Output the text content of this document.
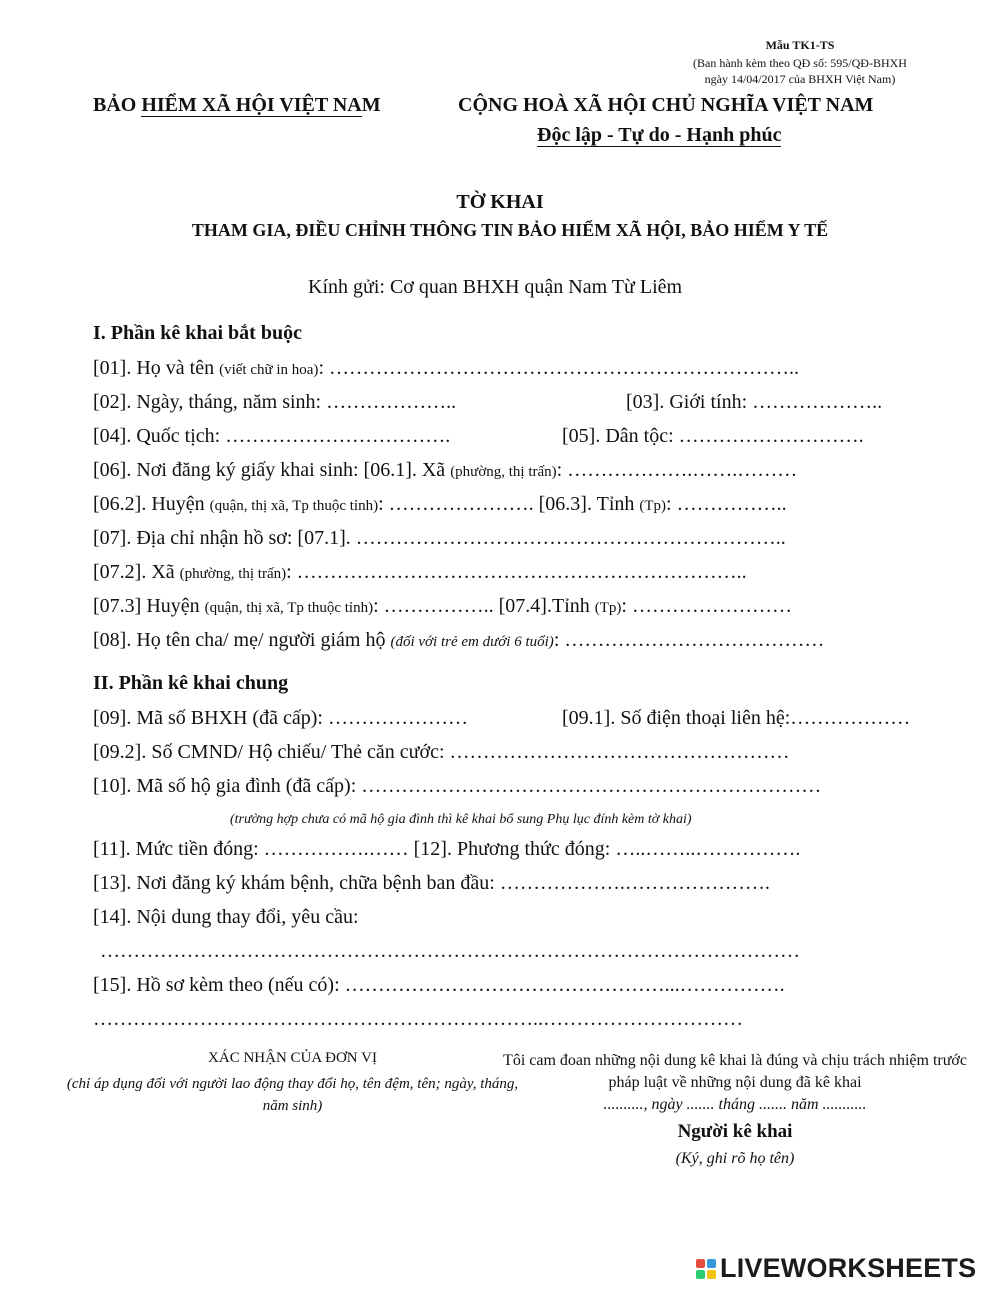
Mẫu TK1-TS
(Ban hành kèm theo QĐ số: 595/QĐ-BHXH
ngày 14/04/2017 của BHXH Việt Nam)
BẢO HIỂM XÃ HỘI VIỆT NAM	CỘNG HOÀ XÃ HỘI CHỦ NGHĨA VIỆT NAM
Độc lập - Tự do - Hạnh phúc
TỜ KHAI
THAM GIA, ĐIỀU CHỈNH THÔNG TIN BẢO HIỂM XÃ HỘI, BẢO HIỂM Y TẾ
Kính gửi: Cơ quan BHXH quận Nam Từ Liêm
I. Phần kê khai bắt buộc
[01]. Họ và tên (viết chữ in hoa): ……………………………………………………………..
[02]. Ngày, tháng, năm sinh: ………………..	[03]. Giới tính: ………………..
[04]. Quốc tịch: …………………………….	[05]. Dân tộc: ……………………….
[06]. Nơi đăng ký giấy khai sinh: [06.1]. Xã (phường, thị trấn): ……………….…….………
[06.2]. Huyện (quận, thị xã, Tp thuộc tỉnh): …………………. [06.3]. Tỉnh (Tp): ……………..
[07]. Địa chỉ nhận hồ sơ: [07.1]. ………………………………………………………..
[07.2]. Xã (phường, thị trấn): …………………………………………………………..
[07.3] Huyện (quận, thị xã, Tp thuộc tỉnh): …………….. [07.4].Tỉnh (Tp): ……………………
[08]. Họ tên cha/ mẹ/ người giám hộ (đối với trẻ em dưới 6 tuổi): …………………………………
II. Phần kê khai chung
[09]. Mã số BHXH (đã cấp): …………………	[09.1]. Số điện thoại liên hệ:………………
[09.2]. Số CMND/ Hộ chiếu/ Thẻ căn cước: ……………………………………………
[10]. Mã số hộ gia đình (đã cấp): ……………………………………………………………
(trường hợp chưa có mã hộ gia đình thì kê khai bổ sung Phụ lục đính kèm tờ khai)
[11]. Mức tiền đóng: …………….…… [12]. Phương thức đóng: …..……..…………….
[13]. Nơi đăng ký khám bệnh, chữa bệnh ban đầu: ……………….………………….
[14]. Nội dung thay đổi, yêu cầu:
……………………………………………………………………………………………
[15]. Hồ sơ kèm theo (nếu có): …………………………………………...…………….
…………………………………………………………..…………………………
XÁC NHẬN CỦA ĐƠN VỊ
(chỉ áp dụng đối với người lao động thay đổi họ, tên đệm, tên; ngày, tháng, năm sinh)
Tôi cam đoan những nội dung kê khai là đúng và chịu trách nhiệm trước pháp luật về những nội dung đã kê khai
.........., ngày ....... tháng ....... năm ...........
Người kê khai
(Ký, ghi rõ họ tên)
LIVEWORKSHEETS
